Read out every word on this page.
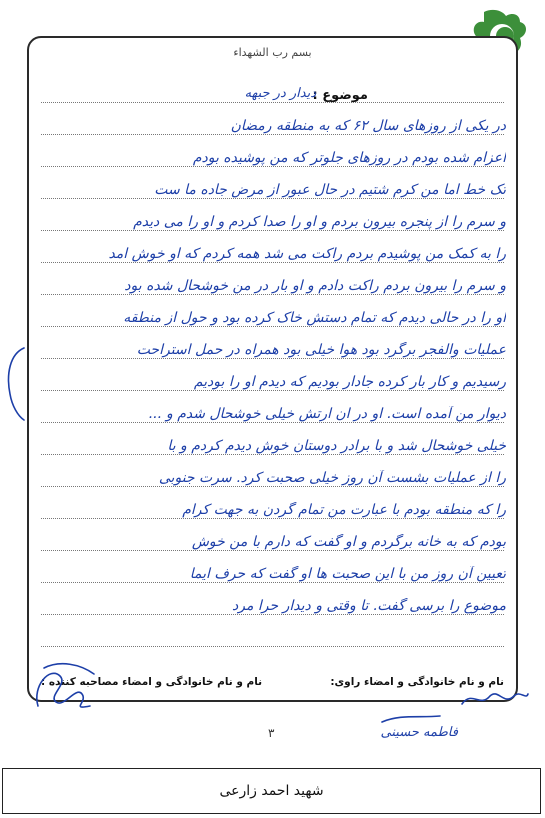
بسم رب الشهداء
موضوع :
دیدار در جبهه
در یکی از روزهای سال ۶۲ که به منطقه رمضان
اعزام شده بودم در روزهای جلوتر که من پوشیده بودم
تک خط اما من کرم شتیم در حال عبور از مرض جاده ما ست
و سرم را از پنجره بیرون بردم و او را صدا کردم و او را می دیدم
را به کمک من پوشیدم بردم راکت می شد همه کردم که او خوش امد
و سرم را بیرون بردم راکت دادم و او بار در من خوشحال شده بود
او را در حالی دیدم که تمام دستش خاک کرده بود و حول از منطقه
عملیات والفجر برگرد بود هوا خیلی بود همراه در حمل استراحت
رسیدیم و کار بار کرده جادار بودیم که دیدم او را بودیم
دیوار من آمده است. او در ان ارتش خیلی خوشحال شدم و ...
خیلی خوشحال شد و با برادر دوستان خوش دیدم کردم و با
را از عملیات بشست آن روز خیلی صحبت کرد. سرت جنوبی
را که منطقه بودم با عبارت من تمام گردن به جهت کرام
بودم که به خانه برگردم و او گفت که دارم با من خوش
تعیین آن روز من با این صحبت ها او گفت که حرف ایما
موضوع را برسی گفت. تا وقتی و دیدار حرا مرد
نام و نام خانوادگی و امضاء راوی:
نام و نام خانوادگی و امضاء مصاحبه کننده :
فاطمه حسینی
۳
شهید احمد زارعی
